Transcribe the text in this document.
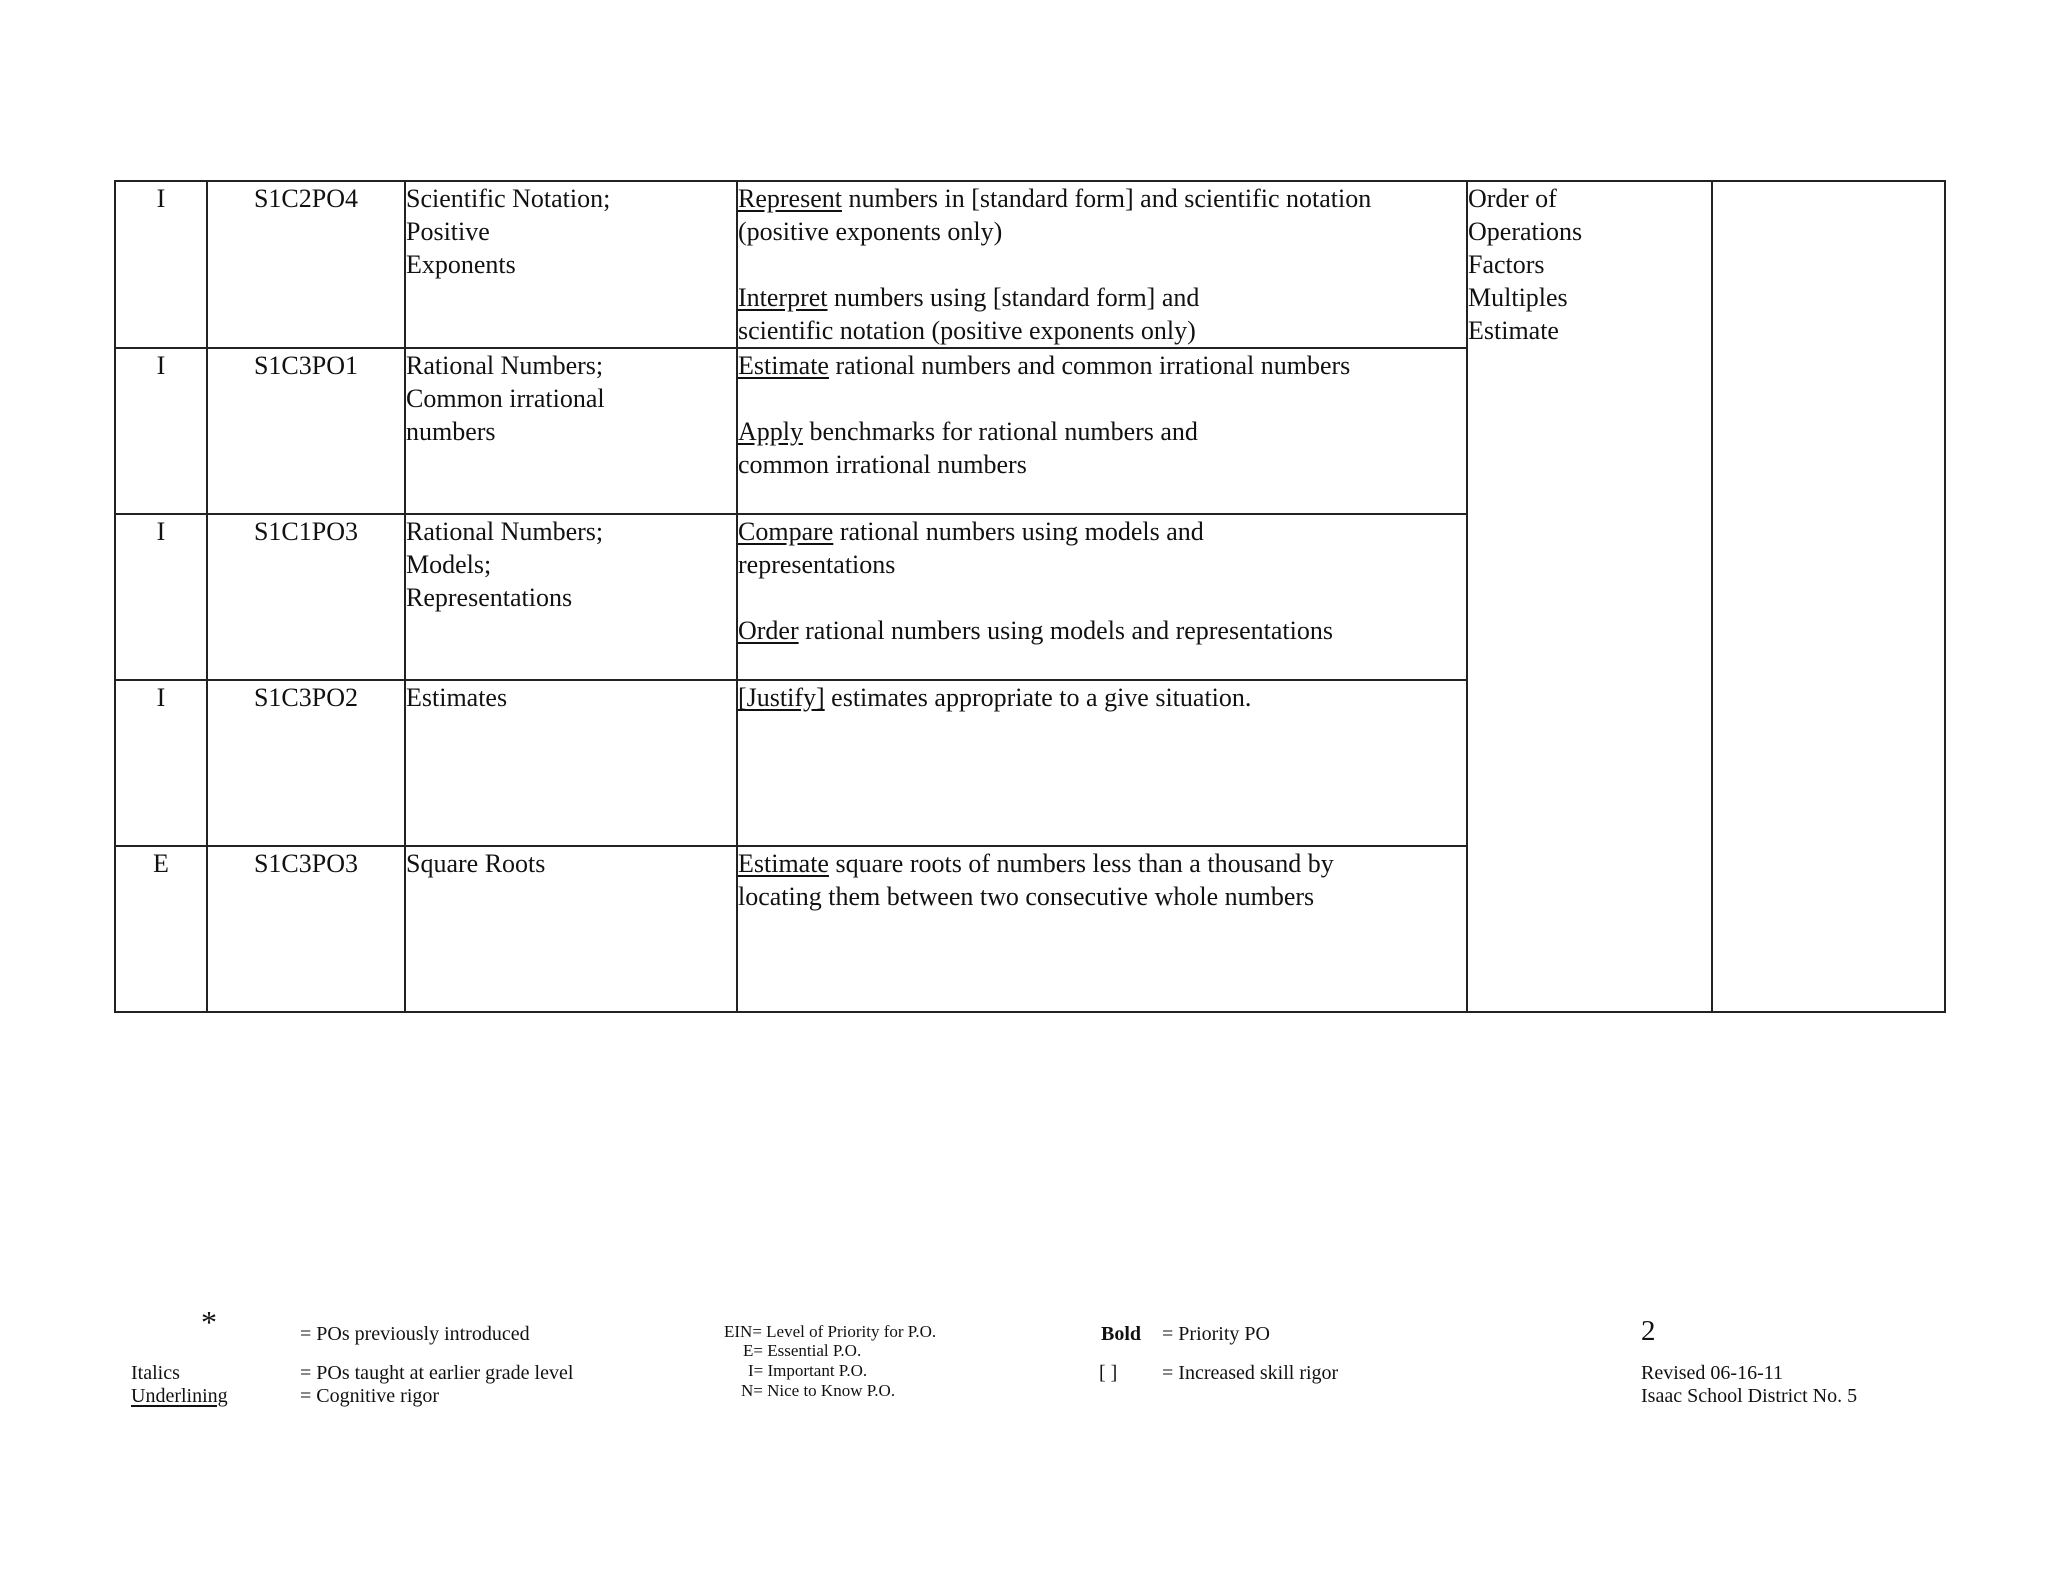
I	S1C2PO4	Scientific Notation;
Positive
Exponents	Represent numbers in [standard form] and scientific notation
(positive exponents only)
Interpret numbers using [standard form] and
scientific notation (positive exponents only)	Order of
Operations
Factors
Multiples
Estimate	

I	S1C3PO1	Rational Numbers;
Common irrational
numbers	Estimate rational numbers and common irrational numbers
Apply benchmarks for rational numbers and
common irrational numbers		

I	S1C1PO3	Rational Numbers;
Models;
Representations	Compare rational numbers using models and
representations
Order rational numbers using models and representations		

I	S1C3PO2	Estimates	[Justify] estimates appropriate to a give situation.		

E	S1C3PO3	Square Roots	Estimate square roots of numbers less than a thousand by
locating them between two consecutive whole numbers		
*	= POs previously introduced
Italics	= POs taught at earlier grade level
Underlining	= Cognitive rigor
EIN= Level of Priority for P.O.
E= Essential P.O.
I= Important P.O.
N= Nice to Know P.O.
Bold = Priority PO
[ ] = Increased skill rigor
2
Revised 06-16-11
Isaac School District No. 5
